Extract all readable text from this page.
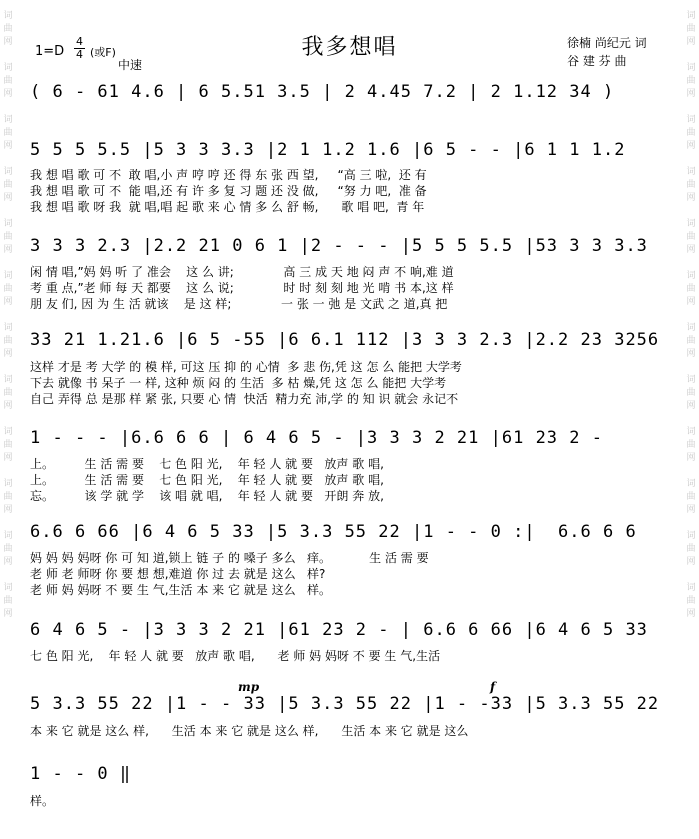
词曲网

词曲网

词曲网

词曲网

词曲网

词曲网

词曲网

词曲网

词曲网

词曲网

词曲网

词曲网
词曲网

词曲网

词曲网

词曲网

词曲网

词曲网

词曲网

词曲网

词曲网

词曲网

词曲网

词曲网
我多想唱
1=D
4
4 (或F)
中速
徐楠 尚纪元 词
谷 建 芬 曲
( 6 - 61 4.6 | 6 5.51 3.5 | 2 4.45 7.2 | 2 1.12 34 )
5 5 5 5.5 |5 3 3 3.3 |2 1 1.2 1.6 |6 5 - - |6 1 1 1.2
我 想 唱 歌 可 不  敢 唱,小 声 哼 哼 还 得 东 张 西 望,     “高 三 啦,  还 有
我 想 唱 歌 可 不  能 唱,还 有 许 多 复 习 题 还 没 做,     “努 力 吧,  准 备
我 想 唱 歌 呀 我  就 唱,唱 起 歌 来 心 情 多 么 舒 畅,      歌 唱 吧,  青 年
3 3 3 2.3 |2.2 21 0 6 1 |2 - - - |5 5 5 5.5 |53 3 3 3.3
闲 情 唱,”妈 妈 听 了 准会    这 么 讲;             高 三 成 天 地 闷 声 不 响,难 道
考 重 点,”老 师 每 天 都要    这 么 说;             时 时 刻 刻 地 光 啃 书 本,这 样
朋 友 们, 因 为 生 活 就该    是 这 样;             一 张 一 弛 是 文武 之 道,真 把
33 21 1.21.6 |6 5 -55 |6 6.1 112 |3 3 3 2.3 |2.2 23 3256
这样 才是 考 大学 的 模 样, 可这 压 抑 的 心情  多 悲 伤,凭 这 怎 么 能把 大学考
下去 就像 书 呆子 一 样, 这种 烦 闷 的 生活  多 枯 燥,凭 这 怎 么 能把 大学考
自己 弄得 总 是那 样 紧 张, 只要 心 情  快活  精力充 沛,学 的 知 识 就会 永记不
1 - - - |6.6 6 6 | 6 4 6 5 - |3 3 3 2 21 |61 23 2 -
上。        生 活 需 要    七 色 阳 光,    年 轻 人 就 要   放声 歌 唱,
上。        生 活 需 要    七 色 阳 光,    年 轻 人 就 要   放声 歌 唱,
忘。        该 学 就 学    该 唱 就 唱,    年 轻 人 就 要   开朗 奔 放,
6.6 6 66 |6 4 6 5 33 |5 3.3 55 22 |1 - - 0 :|  6.6 6 6
妈 妈 妈 妈呀 你 可 知 道,锁上 链 子 的 嗓子 多么   痒。          生 活 需 要
老 师 老 师呀 你 要 想 想,难道 你 过 去 就是 这么   样?
老 师 妈 妈呀 不 要 生 气,生活 本 来 它 就是 这么   样。
6 4 6 5 - |3 3 3 2 21 |61 23 2 - | 6.6 6 66 |6 4 6 5 33
七 色 阳 光,    年 轻 人 就 要   放声 歌 唱,      老 师 妈 妈呀 不 要 生 气,生活
mp	f
5 3.3 55 22 |1 - - 33 |5 3.3 55 22 |1 - -33 |5 3.3 55 22
本 来 它 就是 这么 样,      生活 本 来 它 就是 这么 样,      生活 本 来 它 就是 这么
1 - - 0 ‖
样。
